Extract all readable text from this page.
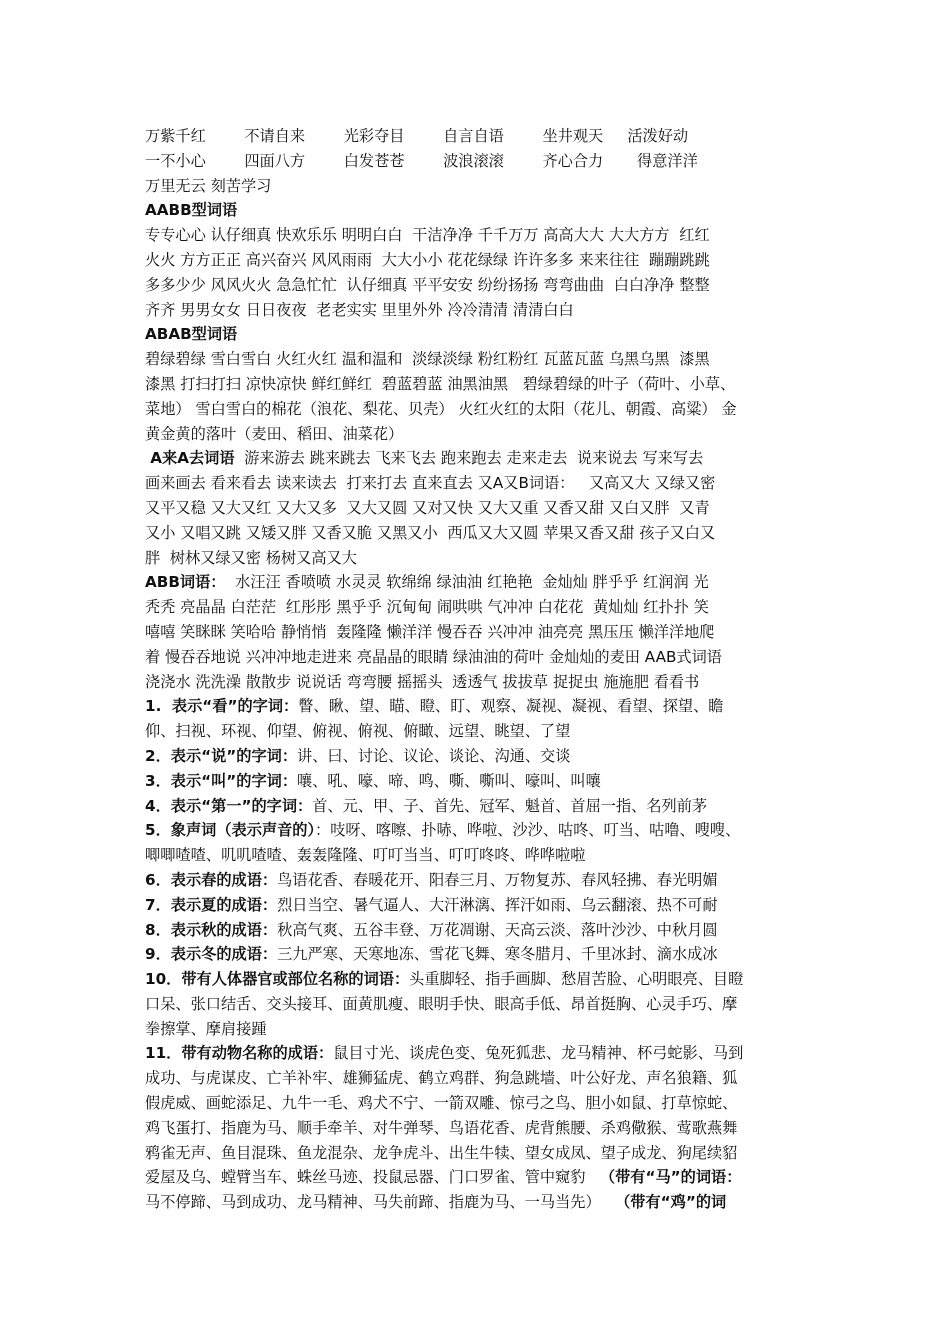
万紫千红        不请自来        光彩夺目        自言自语        坐井观天     活泼好动
一不小心        四面八方        白发苍苍        波浪滚滚        齐心合力       得意洋洋
万里无云 刻苦学习
AABB型词语
专专心心 认仔细真 快欢乐乐 明明白白  干洁净净 千千万万 高高大大 大大方方  红红
火火 方方正正 高兴奋兴 风风雨雨  大大小小 花花绿绿 许许多多 来来往往  蹦蹦跳跳
多多少少 风风火火 急急忙忙  认仔细真 平平安安 纷纷扬扬 弯弯曲曲  白白净净 整整
齐齐 男男女女 日日夜夜  老老实实 里里外外 冷冷清清 清清白白
ABAB型词语
碧绿碧绿 雪白雪白 火红火红 温和温和  淡绿淡绿 粉红粉红 瓦蓝瓦蓝 乌黑乌黑  漆黑
漆黑 打扫打扫 凉快凉快 鲜红鲜红  碧蓝碧蓝 油黑油黑   碧绿碧绿的叶子（荷叶、小草、
菜地） 雪白雪白的棉花（浪花、梨花、贝壳） 火红火红的太阳（花儿、朝霞、高粱） 金
黄金黄的落叶（麦田、稻田、油菜花）
A来A去词语  游来游去 跳来跳去 飞来飞去 跑来跑去 走来走去  说来说去 写来写去
画来画去 看来看去 读来读去  打来打去 直来直去 又A又B词语：   又高又大 又绿又密
又平又稳 又大又红 又大又多  又大又圆 又对又快 又大又重 又香又甜 又白又胖  又青
又小 又唱又跳 又矮又胖 又香又脆 又黑又小  西瓜又大又圆 苹果又香又甜 孩子又白又
胖  树林又绿又密 杨树又高又大
ABB词语：  水汪汪 香喷喷 水灵灵 软绵绵 绿油油 红艳艳  金灿灿 胖乎乎 红润润 光
秃秃 亮晶晶 白茫茫  红彤彤 黑乎乎 沉甸甸 闹哄哄 气冲冲 白花花  黄灿灿 红扑扑 笑
嘻嘻 笑眯眯 笑哈哈 静悄悄  轰隆隆 懒洋洋 慢吞吞 兴冲冲 油亮亮 黑压压 懒洋洋地爬
着 慢吞吞地说 兴冲冲地走进来 亮晶晶的眼睛 绿油油的荷叶 金灿灿的麦田 AAB式词语
浇浇水 洗洗澡 散散步 说说话 弯弯腰 摇摇头  透透气 拔拔草 捉捉虫 施施肥 看看书
1.  表示“看”的字词：瞥、瞅、望、瞄、瞪、盯、观察、凝视、凝视、看望、探望、瞻
仰、扫视、环视、仰望、俯视、俯视、俯瞰、远望、眺望、了望
2．表示“说”的字词：讲、曰、讨论、议论、谈论、沟通、交谈
3．表示“叫”的字词：嚷、吼、嚎、啼、鸣、嘶、嘶叫、嚎叫、叫嚷
4．表示“第一”的字词：首、元、甲、子、首先、冠军、魁首、首屈一指、名列前茅
5．象声词（表示声音的）：吱呀、喀嚓、扑哧、哗啦、沙沙、咕咚、叮当、咕噜、嗖嗖、
唧唧喳喳、叽叽喳喳、轰轰隆隆、叮叮当当、叮叮咚咚、哗哗啦啦
6．表示春的成语：鸟语花香、春暖花开、阳春三月、万物复苏、春风轻拂、春光明媚
7．表示夏的成语：烈日当空、暑气逼人、大汗淋漓、挥汗如雨、乌云翻滚、热不可耐
8．表示秋的成语：秋高气爽、五谷丰登、万花凋谢、天高云淡、落叶沙沙、中秋月圆
9．表示冬的成语：三九严寒、天寒地冻、雪花飞舞、寒冬腊月、千里冰封、滴水成冰
10．带有人体器官或部位名称的词语：头重脚轻、指手画脚、愁眉苦脸、心明眼亮、目瞪
口呆、张口结舌、交头接耳、面黄肌瘦、眼明手快、眼高手低、昂首挺胸、心灵手巧、摩
拳擦掌、摩肩接踵
11．带有动物名称的成语：鼠目寸光、谈虎色变、兔死狐悲、龙马精神、杯弓蛇影、马到
成功、与虎谋皮、亡羊补牢、雄狮猛虎、鹤立鸡群、狗急跳墙、叶公好龙、声名狼籍、狐
假虎威、画蛇添足、九牛一毛、鸡犬不宁、一箭双雕、惊弓之鸟、胆小如鼠、打草惊蛇、
鸡飞蛋打、指鹿为马、顺手牵羊、对牛弹琴、鸟语花香、虎背熊腰、杀鸡儆猴、莺歌燕舞
鸦雀无声、鱼目混珠、鱼龙混杂、龙争虎斗、出生牛犊、望女成凤、望子成龙、狗尾续貂
爱屋及乌、螳臂当车、蛛丝马迹、投鼠忌器、门口罗雀、管中窥豹   （带有“马”的词语：
马不停蹄、马到成功、龙马精神、马失前蹄、指鹿为马、一马当先）   （带有“鸡”的词
